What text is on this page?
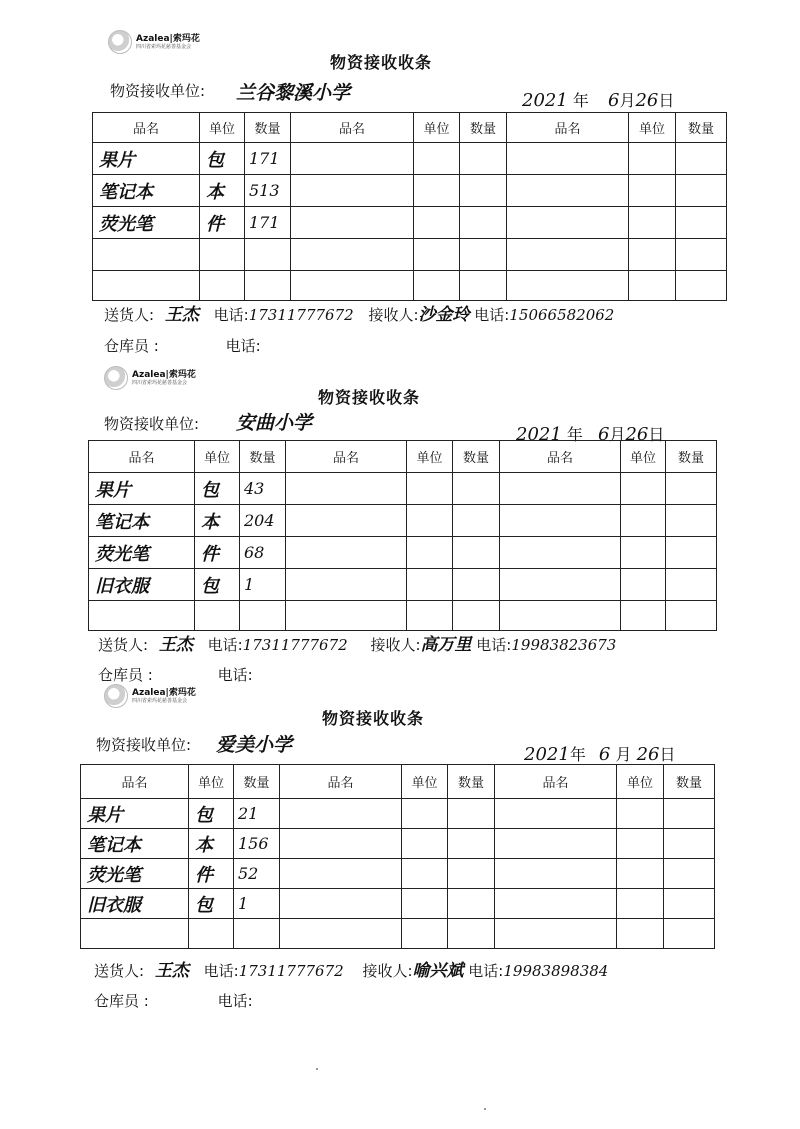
Azalea|索玛花
四川省索玛花慈善基金会
物资接收收条
物资接收单位: 兰谷黎溪小学	2021 年 6月26日
品名	单位	数量	品名	单位	数量	品名	单位	数量
果片	包	171						
笔记本	本	513						
荧光笔	件	171						

送货人: 王杰 电话:17311777672 接收人:沙金玲 电话:15066582062
仓库员 :	电话:
Azalea|索玛花
四川省索玛花慈善基金会
物资接收收条
物资接收单位: 安曲小学
2021 年 6月26日
品名	单位	数量	品名	单位	数量	品名	单位	数量
果片	包	43						
笔记本	本	204						
荧光笔	件	68						
旧衣服	包	1						

送货人: 王杰 电话:17311777672 接收人:高万里 电话:19983823673
仓库员 :	电话:
Azalea|索玛花
四川省索玛花慈善基金会
物资接收收条
物资接收单位: 爱美小学	2021年 6 月 26日
品名	单位	数量	品名	单位	数量	品名	单位	数量
果片	包	21						
笔记本	本	156						
荧光笔	件	52						
旧衣服	包	1						

送货人: 王杰 电话:17311777672 接收人:喻兴斌 电话:19983898384
仓库员 :	电话:
